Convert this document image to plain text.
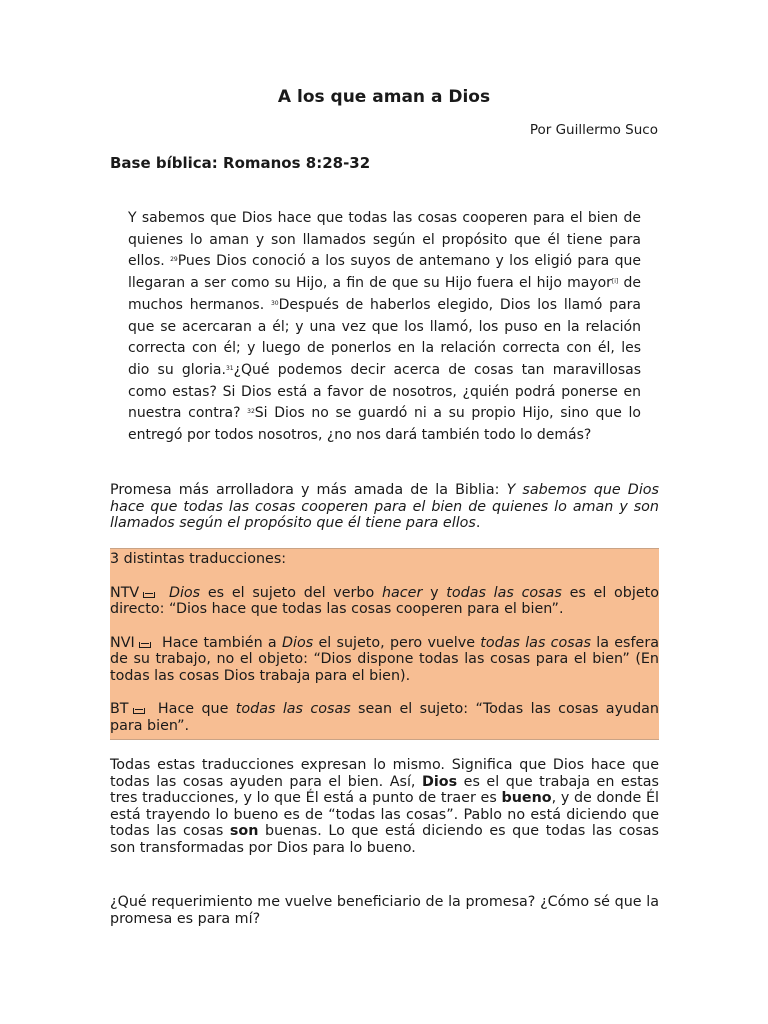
A los que aman a Dios
Por Guillermo Suco
Base bíblica: Romanos 8:28-32
Y sabemos que Dios hace que todas las cosas cooperen para el bien de quienes lo aman y son llamados según el propósito que él tiene para ellos. $^{29}$Pues Dios conoció a los suyos de antemano y los eligió para que llegaran a ser como su Hijo, a fin de que su Hijo fuera el hijo mayor[i] de muchos hermanos. $^{30}$Después de haberlos elegido, Dios los llamó para que se acercaran a él; y una vez que los llamó, los puso en la relación correcta con él; y luego de ponerlos en la relación correcta con él, les dio su gloria.$^{31}$¿Qué podemos decir acerca de cosas tan maravillosas como estas? Si Dios está a favor de nosotros, ¿quién podrá ponerse en nuestra contra? $^{32}$Si Dios no se guardó ni a su propio Hijo, sino que lo entregó por todos nosotros, ¿no nos dará también todo lo demás?
Promesa más arrolladora y más amada de la Biblia: Y sabemos que Dios hace que todas las cosas cooperen para el bien de quienes lo aman y son llamados según el propósito que él tiene para ellos.

3 distintas traducciones:

NTV Dios es el sujeto del verbo hacer y todas las cosas es el objeto directo: “Dios hace que todas las cosas cooperen para el bien”.

NVI Hace también a Dios el sujeto, pero vuelve todas las cosas la esfera de su trabajo, no el objeto: “Dios dispone todas las cosas para el bien” (En todas las cosas Dios trabaja para el bien).

BT Hace que todas las cosas sean el sujeto: “Todas las cosas ayudan para bien”.

Todas estas traducciones expresan lo mismo. Significa que Dios hace que todas las cosas ayuden para el bien. Así, Dios es el que trabaja en estas tres traducciones, y lo que Él está a punto de traer es bueno, y de donde Él está trayendo lo bueno es de “todas las cosas”. Pablo no está diciendo que todas las cosas son buenas. Lo que está diciendo es que todas las cosas son transformadas por Dios para lo bueno.
¿Qué requerimiento me vuelve beneficiario de la promesa? ¿Cómo sé que la promesa es para mí?
